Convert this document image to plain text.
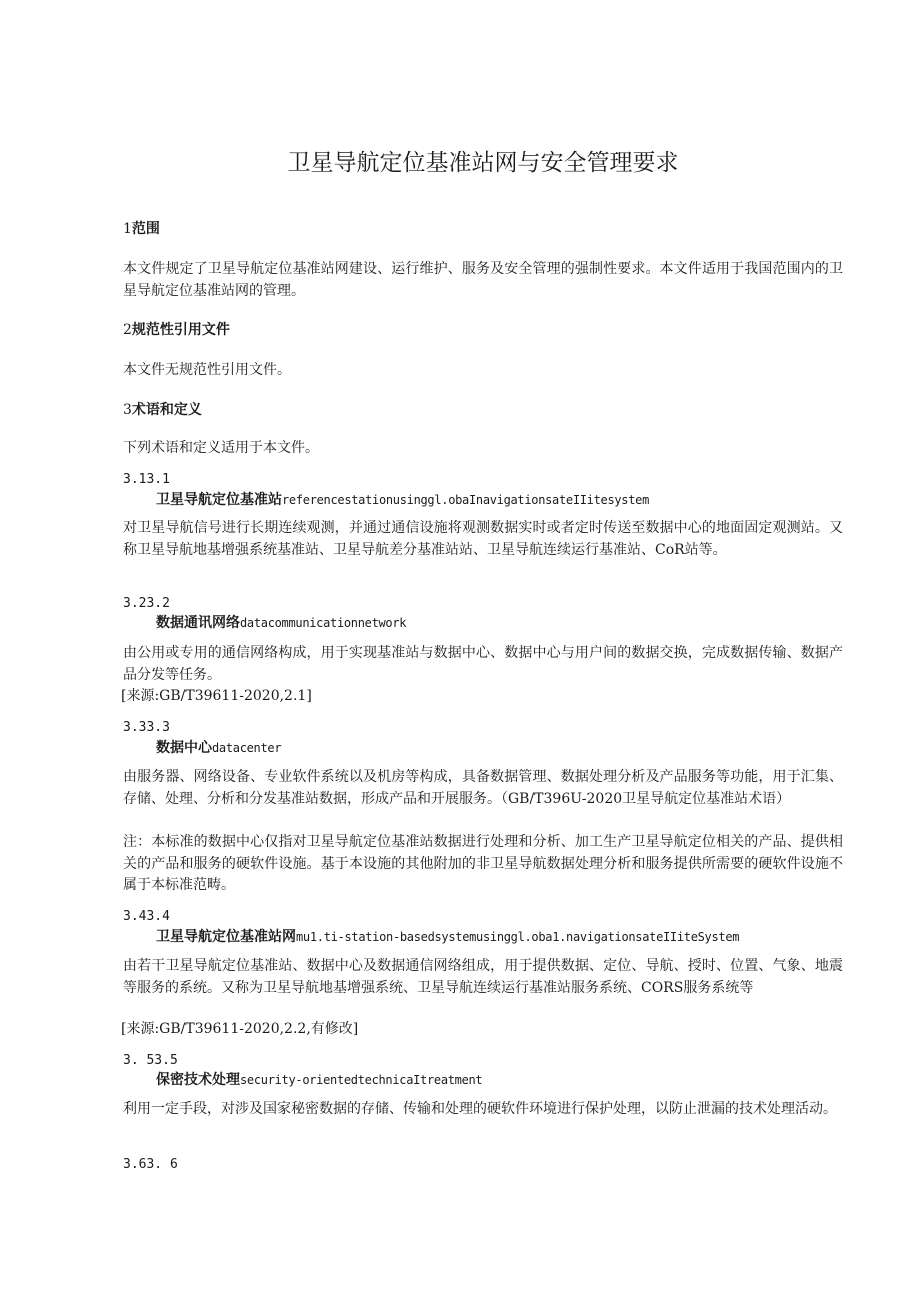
卫星导航定位基准站网与安全管理要求
1范围
本文件规定了卫星导航定位基准站网建设、运行维护、服务及安全管理的强制性要求。本文件适用于我国范围内的卫星导航定位基准站网的管理。
2规范性引用文件
本文件无规范性引用文件。
3术语和定义
下列术语和定义适用于本文件。
3.13.1
卫星导航定位基准站referencestationusinggl.obaInavigationsateIIitesystem
对卫星导航信号进行长期连续观测，并通过通信设施将观测数据实时或者定时传送至数据中心的地面固定观测站。又称卫星导航地基增强系统基准站、卫星导航差分基准站站、卫星导航连续运行基准站、CoR站等。
3.23.2
数据通讯网络datacommunicationnetwork
由公用或专用的通信网络构成，用于实现基准站与数据中心、数据中心与用户间的数据交换，完成数据传输、数据产品分发等任务。
[来源:GB/T39611-2020,2.1]
3.33.3
数据中心datacenter
由服务器、网络设备、专业软件系统以及机房等构成，具备数据管理、数据处理分析及产品服务等功能，用于汇集、存储、处理、分析和分发基准站数据，形成产品和开展服务。（GB/T396U-2020卫星导航定位基准站术语）
注：本标准的数据中心仅指对卫星导航定位基准站数据进行处理和分析、加工生产卫星导航定位相关的产品、提供相关的产品和服务的硬软件设施。基于本设施的其他附加的非卫星导航数据处理分析和服务提供所需要的硬软件设施不属于本标准范畴。
3.43.4
卫星导航定位基准站网mu1.ti-station-basedsystemusinggl.oba1.navigationsateIIiteSystem
由若干卫星导航定位基准站、数据中心及数据通信网络组成，用于提供数据、定位、导航、授时、位置、气象、地震等服务的系统。又称为卫星导航地基增强系统、卫星导航连续运行基准站服务系统、CORS服务系统等
[来源:GB/T39611-2020,2.2,有修改]
3. 53.5
保密技术处理security-orientedtechnicaItreatment
利用一定手段，对涉及国家秘密数据的存储、传输和处理的硬软件环境进行保护处理，以防止泄漏的技术处理活动。
3.63. 6
